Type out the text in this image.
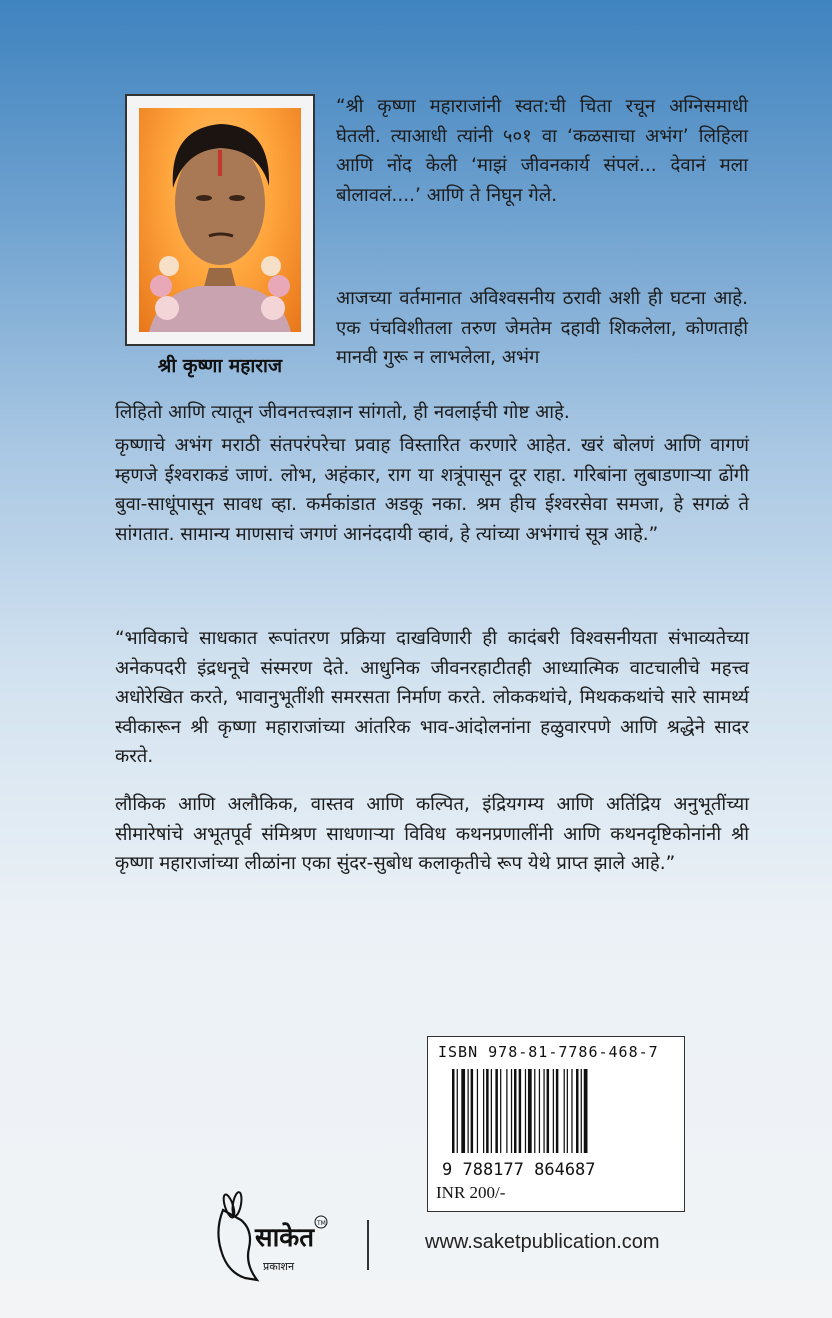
श्री कृष्णा महाराज
“श्री कृष्णा महाराजांनी स्वत:ची चिता रचून अग्निसमाधी घेतली. त्याआधी त्यांनी ५०१ वा ‘कळसाचा अभंग’ लिहिला आणि नोंद केली ‘माझं जीवनकार्य संपलं... देवानं मला बोलावलं....’ आणि ते निघून गेले.
आजच्या वर्तमानात अविश्वसनीय ठरावी अशी ही घटना आहे. एक पंचविशीतला तरुण जेमतेम दहावी शिकलेला, कोणताही मानवी गुरू न लाभलेला, अभंग
लिहितो आणि त्यातून जीवनतत्त्वज्ञान सांगतो, ही नवलाईची गोष्ट आहे.
कृष्णाचे अभंग मराठी संतपरंपरेचा प्रवाह विस्तारित करणारे आहेत. खरं बोलणं आणि वागणं म्हणजे ईश्वराकडं जाणं. लोभ, अहंकार, राग या शत्रूंपासून दूर राहा. गरिबांना लुबाडणाऱ्या ढोंगी बुवा-साधूंपासून सावध व्हा. कर्मकांडात अडकू नका. श्रम हीच ईश्वरसेवा समजा, हे सगळं ते सांगतात. सामान्य माणसाचं जगणं आनंददायी व्हावं, हे त्यांच्या अभंगाचं सूत्र आहे.”
“भाविकाचे साधकात रूपांतरण प्रक्रिया दाखविणारी ही कादंबरी विश्वसनीयता संभाव्यतेच्या अनेकपदरी इंद्रधनूचे संस्मरण देते. आधुनिक जीवनरहाटीतही आध्यात्मिक वाटचालीचे महत्त्व अधोरेखित करते, भावानुभूतींशी समरसता निर्माण करते. लोककथांचे, मिथककथांचे सारे सामर्थ्य स्वीकारून श्री कृष्णा महाराजांच्या आंतरिक भाव-आंदोलनांना हळुवारपणे आणि श्रद्धेने सादर करते.
लौकिक आणि अलौकिक, वास्तव आणि कल्पित, इंद्रियगम्य आणि अतिंद्रिय अनुभूतींच्या सीमारेषांचे अभूतपूर्व संमिश्रण साधणाऱ्या विविध कथनप्रणालींनी आणि कथनदृष्टिकोनांनी श्री कृष्णा महाराजांच्या लीळांना एका सुंदर-सुबोध कलाकृतीचे रूप येथे प्राप्त झाले आहे.”
ISBN 978-81-7786-468-7
9 788177 864687
INR 200/-
साकेत
प्रकाशन
TM
www.saketpublication.com
